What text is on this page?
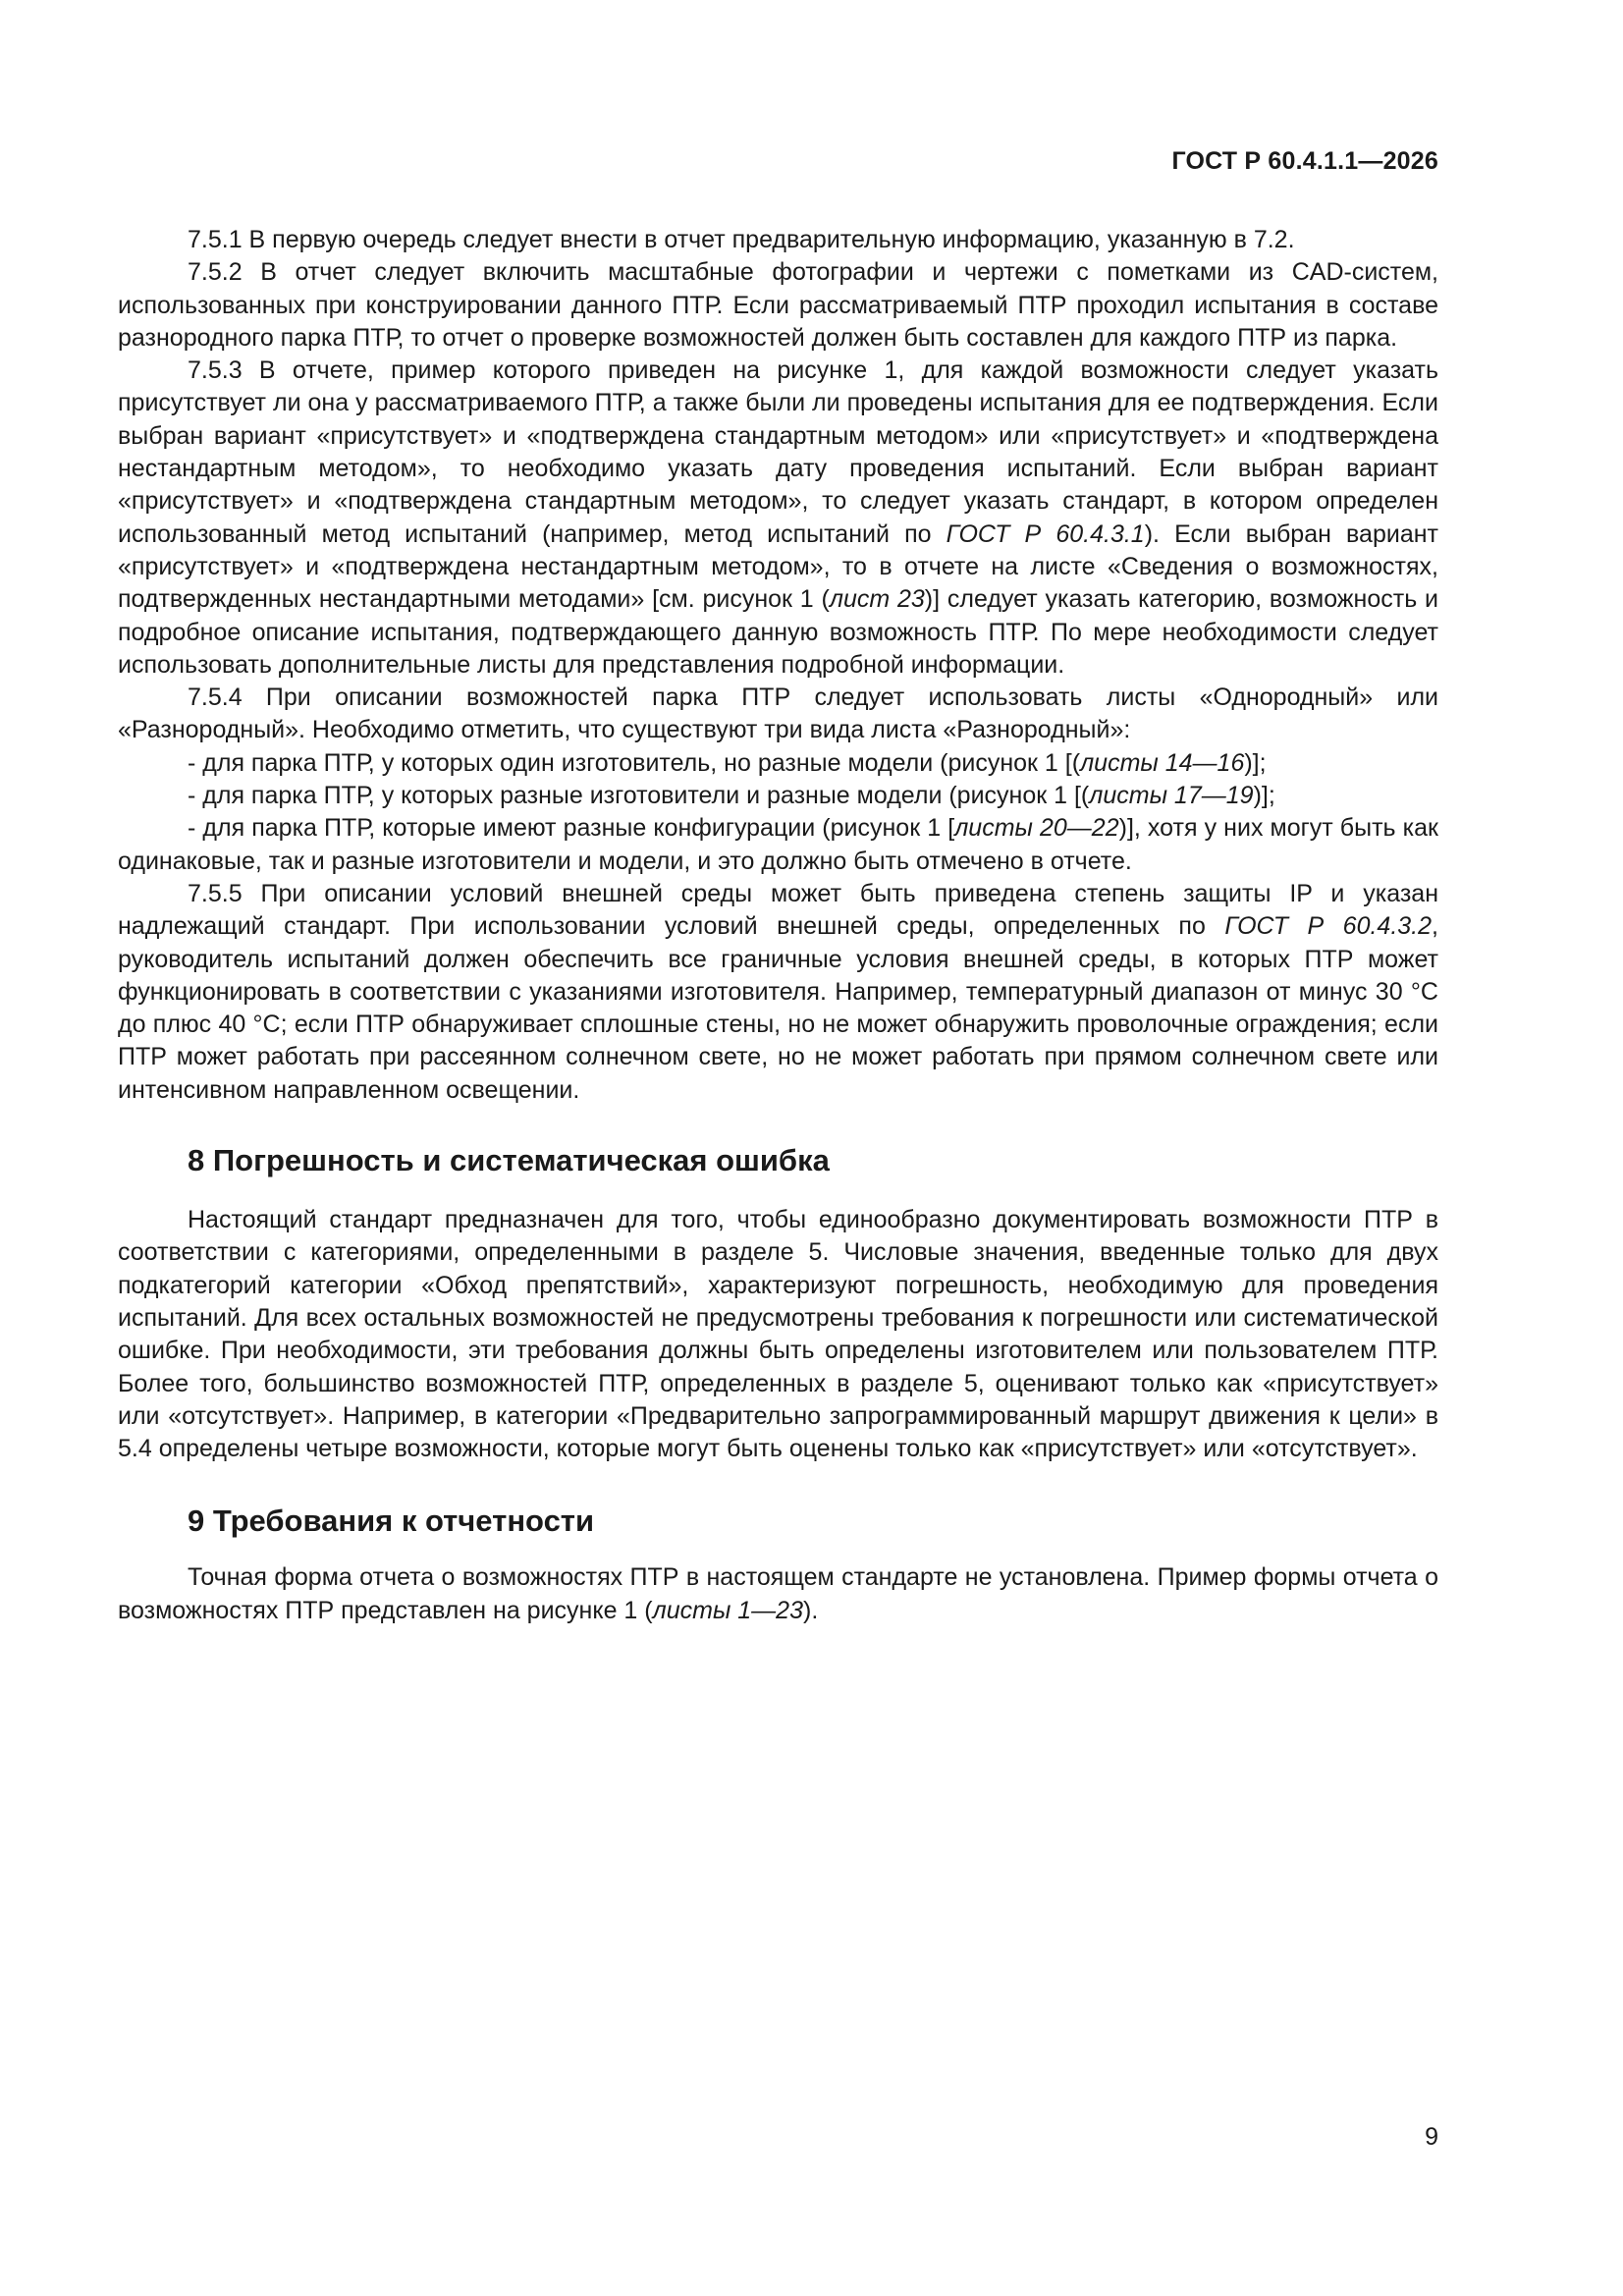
ГОСТ Р 60.4.1.1—2026

7.5.1 В первую очередь следует внести в отчет предварительную информацию, указанную в 7.2.

7.5.2 В отчет следует включить масштабные фотографии и чертежи с пометками из CAD-систем, использованных при конструировании данного ПТР. Если рассматриваемый ПТР проходил испытания в составе разнородного парка ПТР, то отчет о проверке возможностей должен быть составлен для каждого ПТР из парка.

7.5.3 В отчете, пример которого приведен на рисунке 1, для каждой возможности следует указать присутствует ли она у рассматриваемого ПТР, а также были ли проведены испытания для ее подтверждения. Если выбран вариант «присутствует» и «подтверждена стандартным методом» или «присутствует» и «подтверждена нестандартным методом», то необходимо указать дату проведения испытаний. Если выбран вариант «присутствует» и «подтверждена стандартным методом», то следует указать стандарт, в котором определен использованный метод испытаний (например, метод испытаний по ГОСТ Р 60.4.3.1). Если выбран вариант «присутствует» и «подтверждена нестандартным методом», то в отчете на листе «Сведения о возможностях, подтвержденных нестандартными методами» [см. рисунок 1 (лист 23)] следует указать категорию, возможность и подробное описание испытания, подтверждающего данную возможность ПТР. По мере необходимости следует использовать дополнительные листы для представления подробной информации.

7.5.4 При описании возможностей парка ПТР следует использовать листы «Однородный» или «Разнородный». Необходимо отметить, что существуют три вида листа «Разнородный»:

- для парка ПТР, у которых один изготовитель, но разные модели (рисунок 1 [(листы 14—16)];

- для парка ПТР, у которых разные изготовители и разные модели (рисунок 1 [(листы 17—19)];

- для парка ПТР, которые имеют разные конфигурации (рисунок 1 [листы 20—22)], хотя у них могут быть как одинаковые, так и разные изготовители и модели, и это должно быть отмечено в отчете.

7.5.5 При описании условий внешней среды может быть приведена степень защиты IP и указан надлежащий стандарт. При использовании условий внешней среды, определенных по ГОСТ Р 60.4.3.2, руководитель испытаний должен обеспечить все граничные условия внешней среды, в которых ПТР может функционировать в соответствии с указаниями изготовителя. Например, температурный диапазон от минус 30 °С до плюс 40 °С; если ПТР обнаруживает сплошные стены, но не может обнаружить проволочные ограждения; если ПТР может работать при рассеянном солнечном свете, но не может работать при прямом солнечном свете или интенсивном направленном освещении.

8 Погрешность и систематическая ошибка

Настоящий стандарт предназначен для того, чтобы единообразно документировать возможности ПТР в соответствии с категориями, определенными в разделе 5. Числовые значения, введенные только для двух подкатегорий категории «Обход препятствий», характеризуют погрешность, необходимую для проведения испытаний. Для всех остальных возможностей не предусмотрены требования к погрешности или систематической ошибке. При необходимости, эти требования должны быть определены изготовителем или пользователем ПТР. Более того, большинство возможностей ПТР, определенных в разделе 5, оценивают только как «присутствует» или «отсутствует». Например, в категории «Предварительно запрограммированный маршрут движения к цели» в 5.4 определены четыре возможности, которые могут быть оценены только как «присутствует» или «отсутствует».

9 Требования к отчетности

Точная форма отчета о возможностях ПТР в настоящем стандарте не установлена. Пример формы отчета о возможностях ПТР представлен на рисунке 1 (листы 1—23).

9
